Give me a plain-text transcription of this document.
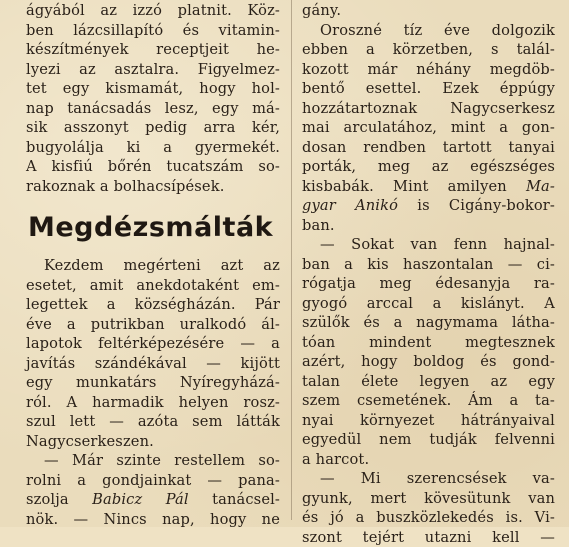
ágyából az izzó platnit. Köz-
ben lázcsillapító és vitamin-
készítmények receptjeit he-
lyezi az asztalra. Figyelmez-
tet egy kismamát, hogy hol-
nap tanácsadás lesz, egy má-
sik asszonyt pedig arra kér,
bugyolálja ki a gyermekét.
A kisfiú bőrén tucatszám so-
rakoznak a bolhacsípések.
Megdézsmálták
Kezdem megérteni azt az
esetet, amit anekdotaként em-
legettek a községházán. Pár
éve a putrikban uralkodó ál-
lapotok feltérképezésére — a
javítás szándékával — kijött
egy munkatárs Nyíregyházá-
ról. A harmadik helyen rosz-
szul lett — azóta sem látták
Nagycserkeszen.
— Már szinte restellem so-
rolni a gondjainkat — pana-
szolja Babicz Pál tanácsel-
nök. — Nincs nap, hogy ne
gány.
Oroszné tíz éve dolgozik
ebben a körzetben, s talál-
kozott már néhány megdöb-
bentő esettel. Ezek éppúgy
hozzátartoznak Nagycserkesz
mai arculatához, mint a gon-
dosan rendben tartott tanyai
porták, meg az egészséges
kisbabák. Mint amilyen Ma-
gyar Anikó is Cigány-bokor-
ban.
— Sokat van fenn hajnal-
ban a kis haszontalan — ci-
rógatja meg édesanyja ra-
gyogó arccal a kislányt. A
szülők és a nagymama látha-
tóan mindent megtesznek
azért, hogy boldog és gond-
talan élete legyen az egy
szem csemetének. Ám a ta-
nyai környezet hátrányaival
egyedül nem tudják felvenni
a harcot.
— Mi szerencsések va-
gyunk, mert kövesütunk van
és jó a buszközlekedés is. Vi-
szont tejért utazni kell —
